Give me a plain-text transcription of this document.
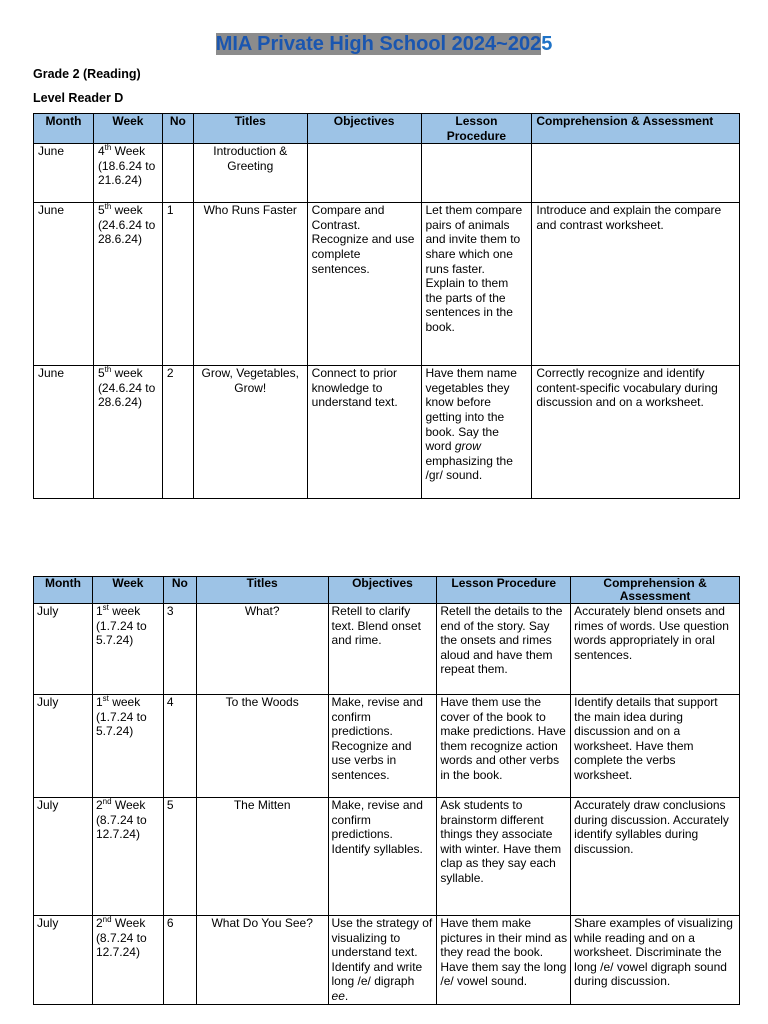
MIA Private High School 2024~2025
Grade 2 (Reading)
Level Reader D
Month	Week	No	Titles	Objectives	Lesson Procedure	Comprehension & Assessment
June	4th Week (18.6.24 to 21.6.24)		Introduction & Greeting			
June	5th week (24.6.24 to 28.6.24)	1	Who Runs Faster	Compare and Contrast. Recognize and use complete sentences.	Let them compare pairs of animals and invite them to share which one runs faster. Explain to them the parts of the sentences in the book.	Introduce and explain the compare and contrast worksheet.
June	5th week (24.6.24 to 28.6.24)	2	Grow, Vegetables, Grow!	Connect to prior knowledge to understand text.	Have them name vegetables they know before getting into the book. Say the word grow emphasizing the /gr/ sound.	Correctly recognize and identify content-specific vocabulary during discussion and on a worksheet.
Month	Week	No	Titles	Objectives	Lesson Procedure	Comprehension & Assessment
July	1st week (1.7.24 to 5.7.24)	3	What?	Retell to clarify text. Blend onset and rime.	Retell the details to the end of the story. Say the onsets and rimes aloud and have them repeat them.	Accurately blend onsets and rimes of words. Use question words appropriately in oral sentences.
July	1st week (1.7.24 to 5.7.24)	4	To the Woods	Make, revise and confirm predictions. Recognize and use verbs in sentences.	Have them use the cover of the book to make predictions. Have them recognize action words and other verbs in the book.	Identify details that support the main idea during discussion and on a worksheet. Have them complete the verbs worksheet.
July	2nd Week (8.7.24 to 12.7.24)	5	The Mitten	Make, revise and confirm predictions. Identify syllables.	Ask students to brainstorm different things they associate with winter. Have them clap as they say each syllable.	Accurately draw conclusions during discussion. Accurately identify syllables during discussion.
July	2nd Week (8.7.24 to 12.7.24)	6	What Do You See?	Use the strategy of visualizing to understand text. Identify and write long /e/ digraph ee.	Have them make pictures in their mind as they read the book. Have them say the long /e/ vowel sound.	Share examples of visualizing while reading and on a worksheet. Discriminate the long /e/ vowel digraph sound during discussion.
